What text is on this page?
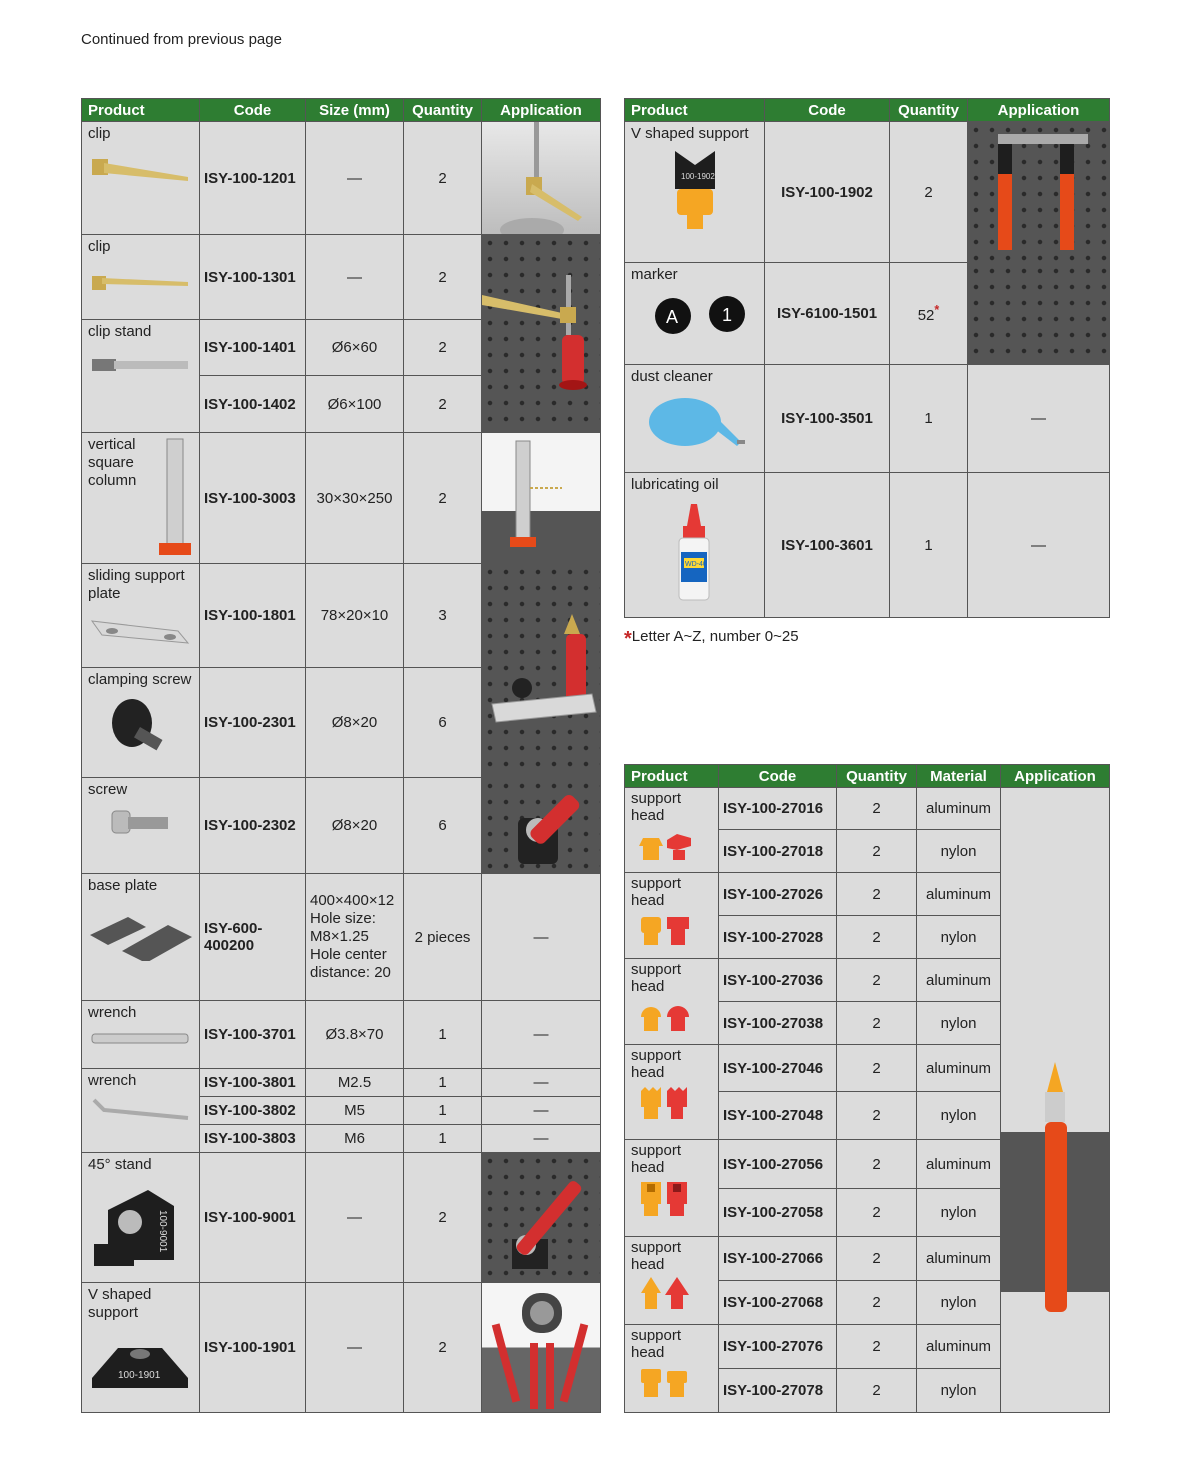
Continued from previous page
Product	Code	Size (mm)	Quantity	Application

clip	ISY-100-1201	—	2	

clip	ISY-100-1301	—	2	

clip stand	ISY-100-1401	Ø6×60	2	
	ISY-100-1402	Ø6×100	2	

vertical square column	ISY-100-3003	30×30×250	2	

sliding support plate	ISY-100-1801	78×20×10	3	

clamping screw	ISY-100-2301	Ø8×20	6	

screw	ISY-100-2302	Ø8×20	6	

base plate	ISY-600-400200	400×400×12
Hole size:
M8×1.25
Hole center
distance: 20	2 pieces	—

wrench	ISY-100-3701	Ø3.8×70	1	—

wrench	ISY-100-3801	M2.5	1	—
	ISY-100-3802	M5	1	—
	ISY-100-3803	M6	1	—

45° stand
100-9001	ISY-100-9001	—	2	

V shaped support
100-1901	ISY-100-1901	—	2	
Product	Code	Quantity	Application

V shaped support
100-1902	ISY-100-1902	2	

marker
A 1	ISY-6100-1501	52*	

dust cleaner	ISY-100-3501	1	—

lubricating oil
WD-40	ISY-100-3601	1	—
*Letter A~Z, number 0~25
Product	Code	Quantity	Material	Application

support head	ISY-100-27016	2	aluminum	

	ISY-100-27018	2	nylon	

support head	ISY-100-27026	2	aluminum	
	ISY-100-27028	2	nylon	

support head	ISY-100-27036	2	aluminum	
	ISY-100-27038	2	nylon	

support head	ISY-100-27046	2	aluminum	
	ISY-100-27048	2	nylon	

support head	ISY-100-27056	2	aluminum	
	ISY-100-27058	2	nylon	

support head	ISY-100-27066	2	aluminum	
	ISY-100-27068	2	nylon	

support head	ISY-100-27076	2	aluminum	
	ISY-100-27078	2	nylon	
